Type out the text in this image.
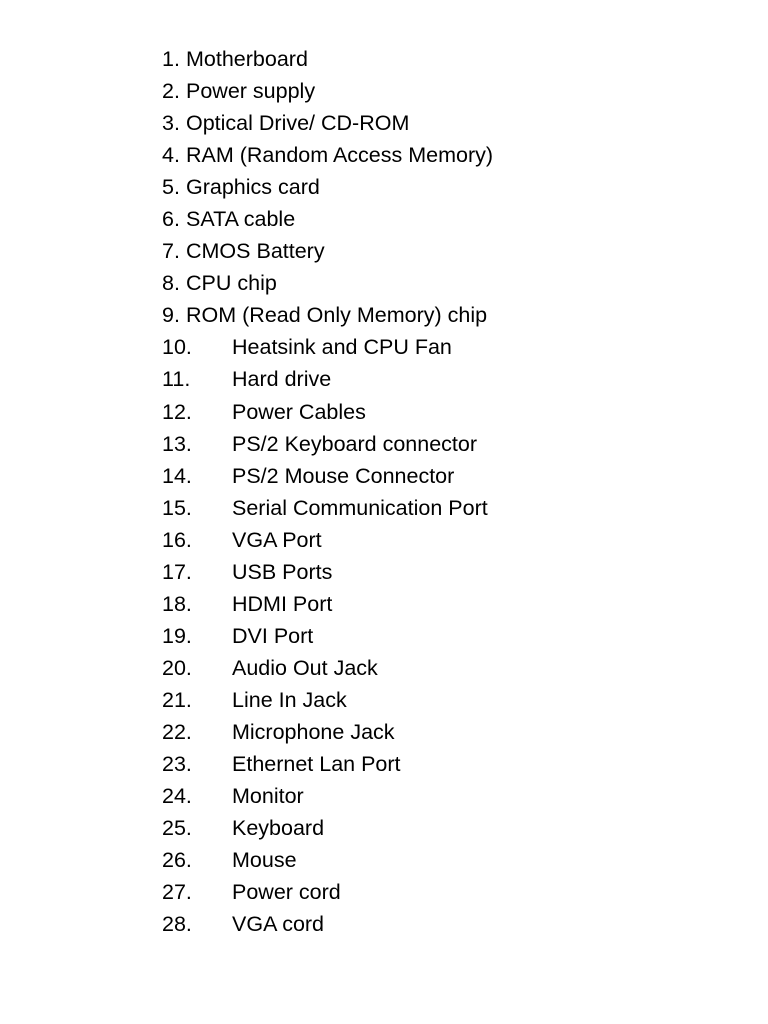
1. Motherboard
2. Power supply
3. Optical Drive/ CD-ROM
4. RAM (Random Access Memory)
5. Graphics card
6. SATA cable
7. CMOS Battery
8. CPU chip
9. ROM (Read Only Memory) chip
10. Heatsink and CPU Fan
11. Hard drive
12. Power Cables
13. PS/2 Keyboard connector
14. PS/2 Mouse Connector
15. Serial Communication Port
16. VGA Port
17. USB Ports
18. HDMI Port
19. DVI Port
20. Audio Out Jack
21. Line In Jack
22. Microphone Jack
23. Ethernet Lan Port
24. Monitor
25. Keyboard
26. Mouse
27. Power cord
28. VGA cord
